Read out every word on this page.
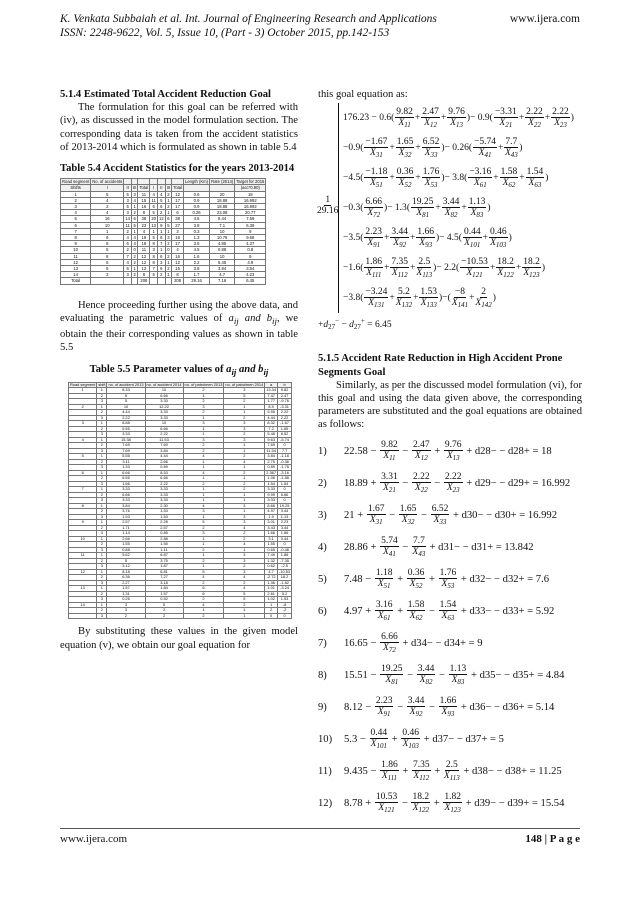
K. Venkata Subbaiah et al. Int. Journal of Engineering Research and Applications
ISSN: 2248-9622, Vol. 5, Issue 10, (Part - 3) October 2015, pp.142-153
www.ijera.com
5.1.4 Estimated Total Accident Reduction Goal

The formulation for this goal can be referred with (iv), as discussed in the model formulation section. The corresponding data is taken from the accident statistics of 2013-2014 which is formulated as shown in table 5.4

Table 5.4 Accident Statistics for the years 2013-2014

Road segment	No. of accidents								Length (Km)	Rate (2014)	Target for 2015
Shifts	I	II	III	Total	I	II	III	Total			(acc*0.90)
1	5	5	3	11	4	4	2	12	0.6	20	18
2	4	3	4	15	11	5	1	17	0.9	18.88	16.992
3	2	5	1	16	6	6	2	17	0.9	18.88	16.992
4	4	3	2	8	5	2	1	6	0.26	23.08	20.77
5	16	14	6	38	20	12	6	38	4.5	8.44	7.59
6	10	11	5	23	13	9	5	27	3.8	7.1	6.39
7	1	2	1	4	1	1	1	3	0.3	10	9
8	6	4	4	19	5	6	3	16	1.3	10.76	9.68
9	8	6	4	18	8	7	2	17	3.5	4.85	4.37
10	5	2	0	11	3	1	0	4	4.5	0.88	0.8
11	8	7	2	12	8	6	2	16	1.6	10	9
12	6	4	2	12	8	3	1	12	2.2	5.45	4.9
13	5	5	1	12	7	6	2	15	3.8	3.94	3.54
14	3	3	2	8	5	2	1	8	1.7	4.7	4.23
Total				208				208	29.16	7.16	6.45

Hence proceeding further using the above data, and evaluating the parametric values of $a_{ij}$ and $b_{ij}$, we obtain the their corresponding values as shown in table 5.5

Table 5.5 Parameter values of $a_{ij}$ and $b_{ij}$

Road segment	shift	no. of accident 2013	no. of accident 2014	no. of patrolmen 2013	no. of patrolmen 2014	a	b
1	1	8.33	10	2	3	13.34	9.82
	2	5	6.66	1	5	7.47	2.47
	3	5	3.33	2	2	1.77	-9.76
2	1	10	12.22	3	1	8.9	-3.31
	2	4.44	3.33	2	1	5.55	2.22
	3	2.22	3.33	1	2	4.44	2.22
3	1	8.88	10	3	3	8.32	-1.67
	2	5.55	6.66	1	3	7.2	1.65
	3	3.33	2.22	1	2	5.48	6.52
4	1	15.38	11.53	3	3	9.63	-5.74
	2	7.69	7.69	2	1	7.69	0
	3	7.69	3.84	2	1	11.54	7.7
5	1	5.55	4.44	4	2	3.84	-1.18
	2	3.11	2.66	1	4	2.75	-0.36
	3	1.33	0.89	1	1	0.89	-1.76
6	1	6.66	8.53	4	2	2.367	-3.16
	2	5.55	6.66	1	1	1.06	-1.58
	3	1.66	2.22	2	2	1.54	1.54
7	1	3.33	3.33	1	2	3.33	0
	2	6.66	3.33	1	1	9.99	6.66
	3	3.33	3.33	1	1	3.33	0
8	1	3.84	2.30	4	3	8.66	19.25
	2	3.76	1.53	3	1	4.97	3.44
	3	1.53	1.53	1	3	1.9	1.13
9	1	2.57	2.28	5	3	3.01	2.23
	2	1.71	2.57	2	4	3.43	3.44
	3	1.14	0.85	3	2	1.66	1.66
10	1	2.66	2.88	1	2	3.1	0.44
	2	1.55	1.55	1	4	1.55	0
	3	0.88	1.11	2	1	0.65	-0.46
11	1	5.62	6.87	1	3	7.49	1.86
	2	5	3.75	2	3	1.32	-7.35
	3	3.12	1.87	1	2	0.62	-2.5
12	1	8.18	6.81	5	3	4.7	-10.53
	2	6.36	7.27	4	4	-2.72	18.2
	3	2.27	3.18	2	2	1.36	-1.82
13	1	1.57	1.84	6	4	1.01	-3.24
	2	1.31	1.57	6	5	2.61	5.2
	3	0.26	0.52	2	5	1.02	1.53
14	1	3	5	4	2	1	-8
	2	3	2	1	1	2	-2
	3	2	2	2	1	0	0

By substituting these values in the given model equation (v), we obtain our goal equation for

this goal equation as:

$\frac{1}{29.16}$
176.23 − 0.6 ( $\frac{9.82}{X_{11}} + \frac{2.47}{X_{12}} + \frac{9.76}{X_{13}}$ ) − 0.9 ( $\frac{-3.31}{X_{21}} + \frac{2.22}{X_{22}} + \frac{2.22}{X_{23}}$ )
−0.9 ( $\frac{-1.67}{X_{31}} + \frac{1.65}{X_{32}} + \frac{6.52}{X_{33}}$ ) − 0.26 ( $\frac{-5.74}{X_{41}} + \frac{7.7}{X_{43}}$ )
−4.5 ( $\frac{-1.18}{X_{51}} + \frac{0.36}{X_{52}} + \frac{1.76}{X_{53}}$ ) − 3.8 ( $\frac{-3.16}{X_{61}} + \frac{1.58}{X_{62}} + \frac{1.54}{X_{63}}$ )
−0.3 ( $\frac{6.66}{X_{72}}$ ) − 1.3 ( $\frac{19.25}{X_{81}} + \frac{3.44}{X_{82}} + \frac{1.13}{X_{83}}$ )
−3.5 ( $\frac{2.23}{X_{91}} + \frac{3.44}{X_{92}} + \frac{1.66}{X_{93}}$ ) − 4.5 ( $\frac{0.44}{X_{101}} + \frac{0.46}{X_{103}}$ )
−1.6 ( $\frac{1.86}{X_{111}} + \frac{7.35}{X_{112}} + \frac{2.5}{X_{113}}$ ) − 2.2 ( $\frac{-10.53}{X_{121}} + \frac{18.2}{X_{122}} + \frac{18.2}{X_{123}}$ )
−3.8 ( $\frac{-3.24}{X_{131}} + \frac{5.2}{X_{132}} + \frac{1.53}{X_{133}}$ ) − ( $\frac{-8}{X_{141}} + \frac{2}{X_{142}}$ )
$+d_{27}^- - d_{27}^+ = 6.45$
5.1.5 Accident Rate Reduction in High Accident Prone Segments Goal

Similarly, as per the discussed model formulation (vi), for this goal and using the data given above, the corresponding parameters are substituted and the goal equations are obtained as follows:

1)	$22.58 - \frac{9.82}{X_{11}} - \frac{2.47}{X_{12}} + \frac{9.76}{X_{13}} + d28- - d28+ = 18$
2)	$18.89 + \frac{3.31}{X_{21}} - \frac{2.22}{X_{22}} - \frac{2.22}{X_{23}} + d29- - d29+ = 16.992$
3)	$21 + \frac{1.67}{X_{31}} - \frac{1.65}{X_{32}} - \frac{6.52}{X_{33}} + d30- - d30+ = 16.992$
4)	$28.86 + \frac{5.74}{X_{41}} - \frac{7.7}{X_{43}} + d31- - d31+ = 13.842$
5)	$7.48 - \frac{1.18}{X_{51}} + \frac{0.36}{X_{52}} + \frac{1.76}{X_{53}} + d32- - d32+ = 7.6$
6)	$4.97 + \frac{3.16}{X_{61}} + \frac{1.58}{X_{62}} - \frac{1.54}{X_{63}} + d33- - d33+ = 5.92$
7)	$16.65 - \frac{6.66}{X_{72}} + d34- - d34+ = 9$
8)	$15.51 - \frac{19.25}{X_{81}} - \frac{3.44}{X_{82}} - \frac{1.13}{X_{83}} + d35- - d35+ = 4.84$
9)	$8.12 - \frac{2.23}{X_{91}} - \frac{3.44}{X_{92}} - \frac{1.66}{X_{93}} + d36- - d36+ = 5.14$
10)	$5.3 - \frac{0.44}{X_{101}} + \frac{0.46}{X_{103}} + d37- - d37+ = 5$
11)	$9.435 - \frac{1.86}{X_{111}} + \frac{7.35}{X_{112}} + \frac{2.5}{X_{113}} + d38- - d38+ = 11.25$
12)	$8.78 + \frac{10.53}{X_{121}} - \frac{18.2}{X_{122}} + \frac{1.82}{X_{123}} + d39- - d39+ = 15.54$
www.ijera.com	148 | P a g e
